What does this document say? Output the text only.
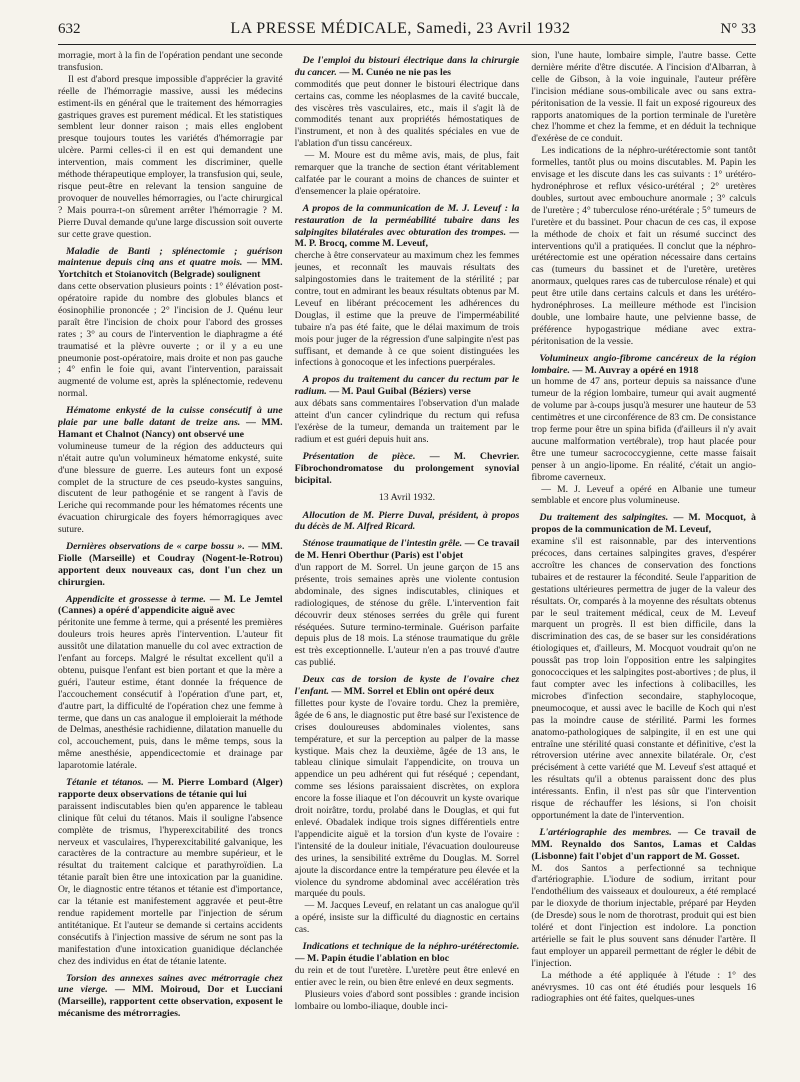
632	LA PRESSE MÉDICALE, Samedi, 23 Avril 1932	N° 33

morragie, mort à la fin de l'opération pendant une seconde transfusion.

Il est d'abord presque impossible d'apprécier la gravité réelle de l'hémorragie massive, aussi les médecins estiment-ils en général que le traitement des hémorragies gastriques graves est purement médical. Et les statistiques semblent leur donner raison ; mais elles englobent presque toujours toutes les variétés d'hémorragie par ulcère. Parmi celles-ci il en est qui demandent une intervention, mais comment les discriminer, quelle méthode thérapeutique employer, la transfusion qui, seule, risque peut-être en relevant la tension sanguine de provoquer de nouvelles hémorragies, ou l'acte chirurgical ? Mais pourra-t-on sûrement arrêter l'hémorragie ? M. Pierre Duval demande qu'une large discussion soit ouverte sur cette grave question.

Maladie de Banti ; splénectomie ; guérison maintenue depuis cinq ans et quatre mois. — MM. Yortchitch et Stoianovitch (Belgrade) soulignent

dans cette observation plusieurs points : 1° élévation post-opératoire rapide du nombre des globules blancs et éosinophilie prononcée ; 2° l'incision de J. Quénu leur paraît être l'incision de choix pour l'abord des grosses rates ; 3° au cours de l'intervention le diaphragme a été traumatisé et la plèvre ouverte ; or il y a eu une pneumonie post-opératoire, mais droite et non pas gauche ; 4° enfin le foie qui, avant l'intervention, paraissait augmenté de volume est, après la splénectomie, redevenu normal.

Hématome enkysté de la cuisse consécutif à une plaie par une balle datant de treize ans. — MM. Hamant et Chalnot (Nancy) ont observé une

volumineuse tumeur de la région des adducteurs qui n'était autre qu'un volumineux hématome enkysté, suite d'une blessure de guerre. Les auteurs font un exposé complet de la structure de ces pseudo-kystes sanguins, discutent de leur pathogénie et se rangent à l'avis de Leriche qui recommande pour les hématomes récents une évacuation chirurgicale des foyers hémorragiques avec suture.

Dernières observations de « carpe bossu ». — MM. Fiolle (Marseille) et Coudray (Nogent-le-Rotrou) apportent deux nouveaux cas, dont l'un chez un chirurgien.
Appendicite et grossesse à terme. — M. Le Jemtel (Cannes) a opéré d'appendicite aiguë avec

péritonite une femme à terme, qui a présenté les premières douleurs trois heures après l'intervention. L'auteur fit aussitôt une dilatation manuelle du col avec extraction de l'enfant au forceps. Malgré le résultat excellent qu'il a obtenu, puisque l'enfant est bien portant et que la mère a guéri, l'auteur estime, étant donnée la fréquence de l'accouchement consécutif à l'opération d'une part, et, d'autre part, la difficulté de l'opération chez une femme à terme, que dans un cas analogue il emploierait la méthode de Delmas, anesthésie rachidienne, dilatation manuelle du col, accouchement, puis, dans le même temps, sous la même anesthésie, appendicectomie et drainage par laparotomie latérale.

Tétanie et tétanos. — M. Pierre Lombard (Alger) rapporte deux observations de tétanie qui lui

paraissent indiscutables bien qu'en apparence le tableau clinique fût celui du tétanos. Mais il souligne l'absence complète de trismus, l'hyperexcitabilité des troncs nerveux et vasculaires, l'hyperexcitabilité galvanique, les caractères de la contracture au membre supérieur, et le résultat du traitement calcique et parathyroïdien. La tétanie paraît bien être une intoxication par la guanidine. Or, le diagnostic entre tétanos et tétanie est d'importance, car la tétanie est manifestement aggravée et peut-être rendue rapidement mortelle par l'injection de sérum antitétanique. Et l'auteur se demande si certains accidents consécutifs à l'injection massive de sérum ne sont pas la manifestation d'une intoxication guanidique déclanchée chez des individus en état de tétanie latente.

Torsion des annexes saines avec métrorragie chez une vierge. — MM. Moiroud, Dor et Lucciani (Marseille), rapportent cette observation, exposent le mécanisme des métrorragies.
De l'emploi du bistouri électrique dans la chirurgie du cancer. — M. Cunéo ne nie pas les

commodités que peut donner le bistouri électrique dans certains cas, comme les néoplasmes de la cavité buccale, des viscères très vasculaires, etc., mais il s'agit là de commodités tenant aux propriétés hémostatiques de l'instrument, et non à des qualités spéciales en vue de l'ablation d'un tissu cancéreux.

— M. Moure est du même avis, mais, de plus, fait remarquer que la tranche de section étant véritablement calfatée par le courant a moins de chances de suinter et d'ensemencer la plaie opératoire.

A propos de la communication de M. J. Leveuf : la restauration de la perméabilité tubaire dans les salpingites bilatérales avec obturation des trompes. — M. P. Brocq, comme M. Leveuf,

cherche à être conservateur au maximum chez les femmes jeunes, et reconnaît les mauvais résultats des salpingostomies dans le traitement de la stérilité ; par contre, tout en admirant les beaux résultats obtenus par M. Leveuf en libérant précocement les adhérences du Douglas, il estime que la preuve de l'imperméabilité tubaire n'a pas été faite, que le délai maximum de trois mois pour juger de la régression d'une salpingite n'est pas suffisant, et demande à ce que soient distinguées les infections à gonocoque et les infections puerpérales.

A propos du traitement du cancer du rectum par le radium. — M. Paul Guibal (Béziers) verse

aux débats sans commentaires l'observation d'un malade atteint d'un cancer cylindrique du rectum qui refusa l'exérèse de la tumeur, demanda un traitement par le radium et est guéri depuis huit ans.

Présentation de pièce. — M. Chevrier. Fibrochondromatose du prolongement synovial bicipital.
13 Avril 1932.
Allocution de M. Pierre Duval, président, à propos du décès de M. Alfred Ricard.
Sténose traumatique de l'intestin grêle. — Ce travail de M. Henri Oberthur (Paris) est l'objet

d'un rapport de M. Sorrel. Un jeune garçon de 15 ans présente, trois semaines après une violente contusion abdominale, des signes indiscutables, cliniques et radiologiques, de sténose du grêle. L'intervention fait découvrir deux sténoses serrées du grêle qui furent réséquées. Suture termino-terminale. Guérison parfaite depuis plus de 18 mois. La sténose traumatique du grêle est très exceptionnelle. L'auteur n'en a pas trouvé d'autre cas publié.

Deux cas de torsion de kyste de l'ovaire chez l'enfant. — MM. Sorrel et Eblin ont opéré deux

fillettes pour kyste de l'ovaire tordu. Chez la première, âgée de 6 ans, le diagnostic put être basé sur l'existence de crises douloureuses abdominales violentes, sans température, et sur la perception au palper de la masse kystique. Mais chez la deuxième, âgée de 13 ans, le tableau clinique simulait l'appendicite, on trouva un appendice un peu adhérent qui fut réséqué ; cependant, comme ses lésions paraissaient discrètes, on explora encore la fosse iliaque et l'on découvrit un kyste ovarique droit noirâtre, tordu, prolabé dans le Douglas, et qui fut enlevé. Obadalek indique trois signes différentiels entre l'appendicite aiguë et la torsion d'un kyste de l'ovaire : l'intensité de la douleur initiale, l'évacuation douloureuse des urines, la sensibilité extrême du Douglas. M. Sorrel ajoute la discordance entre la température peu élevée et la violence du syndrome abdominal avec accélération très marquée du pouls.

— M. Jacques Leveuf, en relatant un cas analogue qu'il a opéré, insiste sur la difficulté du diagnostic en certains cas.

Indications et technique de la néphro-urétérectomie. — M. Papin étudie l'ablation en bloc

du rein et de tout l'uretère. L'uretère peut être enlevé en entier avec le rein, ou bien être enlevé en deux segments.

Plusieurs voies d'abord sont possibles : grande incision lombaire ou lombo-iliaque, double inci-

sion, l'une haute, lombaire simple, l'autre basse. Cette dernière mérite d'être discutée. A l'incision d'Albarran, à celle de Gibson, à la voie inguinale, l'auteur préfère l'incision médiane sous-ombilicale avec ou sans extra-péritonisation de la vessie. Il fait un exposé rigoureux des rapports anatomiques de la portion terminale de l'uretère chez l'homme et chez la femme, et en déduit la technique d'exérèse de ce conduit.

Les indications de la néphro-urétérectomie sont tantôt formelles, tantôt plus ou moins discutables. M. Papin les envisage et les discute dans les cas suivants : 1° urétéro-hydronéphrose et reflux vésico-urétéral ; 2° uretères doubles, surtout avec embouchure anormale ; 3° calculs de l'uretère ; 4° tuberculose réno-urétérale ; 5° tumeurs de l'uretère et du bassinet. Pour chacun de ces cas, il expose la méthode de choix et fait un résumé succinct des interventions qu'il a pratiquées. Il conclut que la néphro-urétérectomie est une opération nécessaire dans certains cas (tumeurs du bassinet et de l'uretère, uretères anormaux, quelques rares cas de tuberculose rénale) et qui peut être utile dans certains calculs et dans les urétéro-hydronéphroses. La meilleure méthode est l'incision double, une lombaire haute, une pelvienne basse, de préférence hypogastrique médiane avec extra-péritonisation de la vessie.

Volumineux angio-fibrome cancéreux de la région lombaire. — M. Auvray a opéré en 1918

un homme de 47 ans, porteur depuis sa naissance d'une tumeur de la région lombaire, tumeur qui avait augmenté de volume par à-coups jusqu'à mesurer une hauteur de 53 centimètres et une circonférence de 83 cm. De consistance trop ferme pour être un spina bifida (d'ailleurs il n'y avait aucune malformation vertébrale), trop haut placée pour être une tumeur sacrococcygienne, cette masse faisait penser à un angio-lipome. En réalité, c'était un angio-fibrome caverneux.

— M. J. Leveuf a opéré en Albanie une tumeur semblable et encore plus volumineuse.

Du traitement des salpingites. — M. Mocquot, à propos de la communication de M. Leveuf,

examine s'il est raisonnable, par des interventions précoces, dans certaines salpingites graves, d'espérer accroître les chances de conservation des fonctions tubaires et de restaurer la fécondité. Seule l'apparition de gestations ultérieures permettra de juger de la valeur des résultats. Or, comparés à la moyenne des résultats obtenus par le seul traitement médical, ceux de M. Leveuf marquent un progrès. Il est bien difficile, dans la discrimination des cas, de se baser sur les considérations étiologiques et, d'ailleurs, M. Mocquot voudrait qu'on ne poussât pas trop loin l'opposition entre les salpingites gonococciques et les salpingites post-abortives ; de plus, il faut compter avec les infections à colibacilles, les microbes d'infection secondaire, staphylocoque, pneumocoque, et aussi avec le bacille de Koch qui n'est pas la moindre cause de stérilité. Parmi les formes anatomo-pathologiques de salpingite, il en est une qui entraîne une stérilité quasi constante et définitive, c'est la rétroversion utérine avec annexite bilatérale. Or, c'est précisément à cette variété que M. Leveuf s'est attaqué et les résultats qu'il a obtenus paraissent donc des plus intéressants. Enfin, il n'est pas sûr que l'intervention risque de réchauffer les lésions, si l'on choisit opportunément la date de l'intervention.

L'artériographie des membres. — Ce travail de MM. Reynaldo dos Santos, Lamas et Caldas (Lisbonne) fait l'objet d'un rapport de M. Gosset.

M. dos Santos a perfectionné sa technique d'artériographie. L'iodure de sodium, irritant pour l'endothélium des vaisseaux et douloureux, a été remplacé par le dioxyde de thorium injectable, préparé par Heyden (de Dresde) sous le nom de thorotrast, produit qui est bien toléré et dont l'injection est indolore. La ponction artérielle se fait le plus souvent sans dénuder l'artère. Il faut employer un appareil permettant de régler le débit de l'injection.

La méthode a été appliquée à l'étude : 1° des anévrysmes. 10 cas ont été étudiés pour lesquels 16 radiographies ont été faites, quelques-unes
